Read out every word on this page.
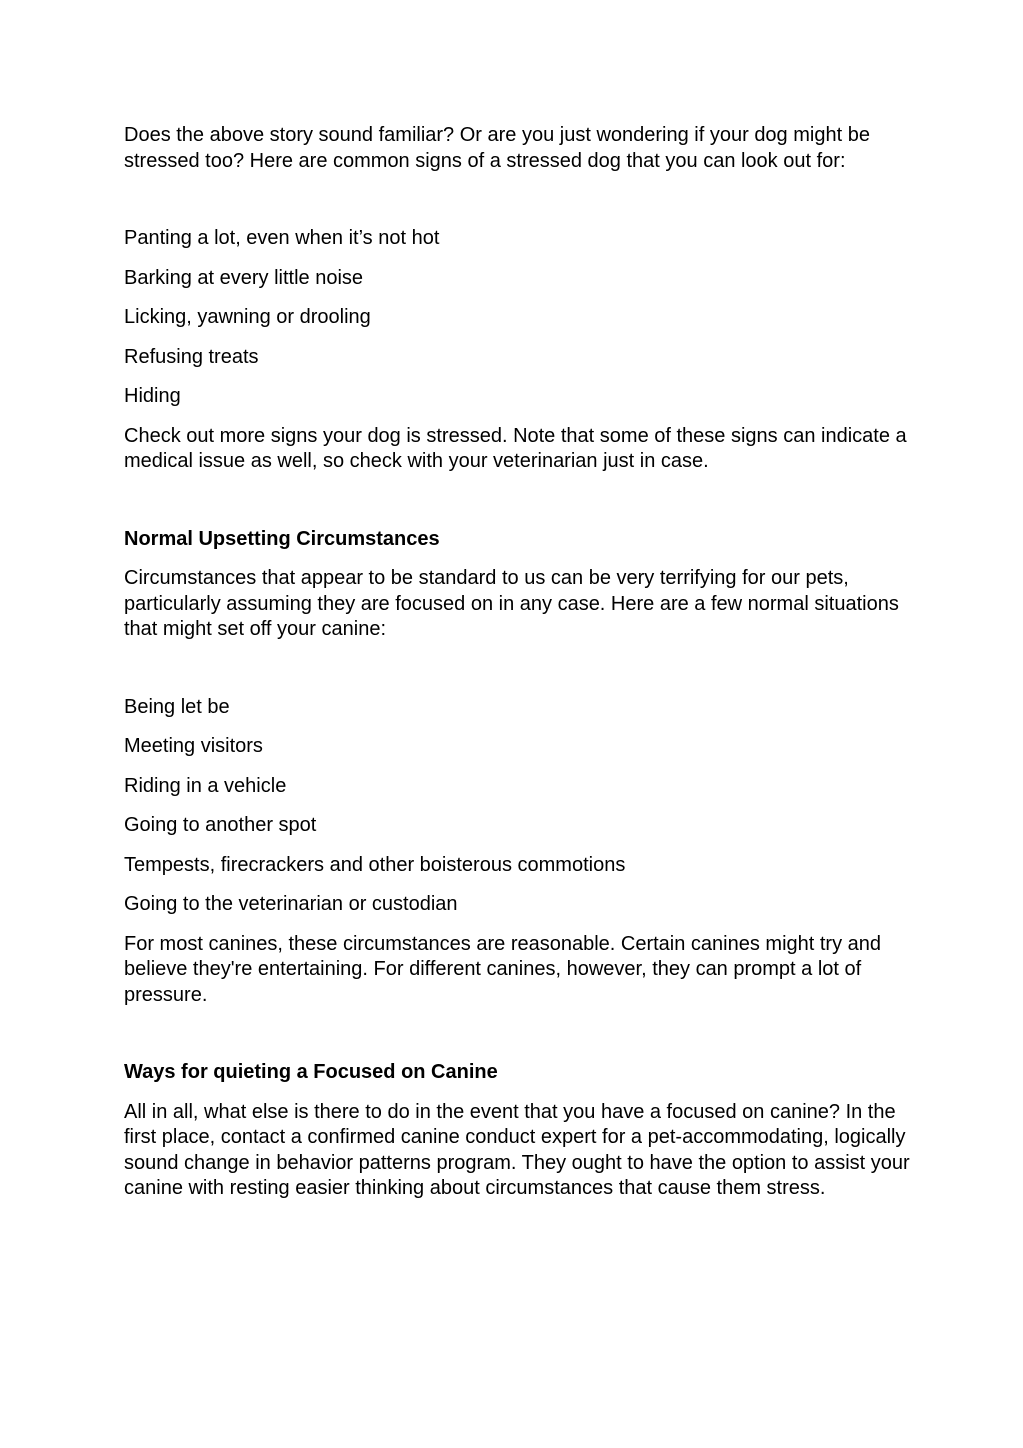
Does the above story sound familiar? Or are you just wondering if your dog might be stressed too? Here are common signs of a stressed dog that you can look out for:

Panting a lot, even when it’s not hot

Barking at every little noise

Licking, yawning or drooling

Refusing treats

Hiding

Check out more signs your dog is stressed. Note that some of these signs can indicate a medical issue as well, so check with your veterinarian just in case.

Normal Upsetting Circumstances

Circumstances that appear to be standard to us can be very terrifying for our pets, particularly assuming they are focused on in any case. Here are a few normal situations that might set off your canine:

Being let be

Meeting visitors

Riding in a vehicle

Going to another spot

Tempests, firecrackers and other boisterous commotions

Going to the veterinarian or custodian

For most canines, these circumstances are reasonable. Certain canines might try and believe they're entertaining. For different canines, however, they can prompt a lot of pressure.

Ways for quieting a Focused on Canine

All in all, what else is there to do in the event that you have a focused on canine? In the first place, contact a confirmed canine conduct expert for a pet-accommodating, logically sound change in behavior patterns program. They ought to have the option to assist your canine with resting easier thinking about circumstances that cause them stress.
